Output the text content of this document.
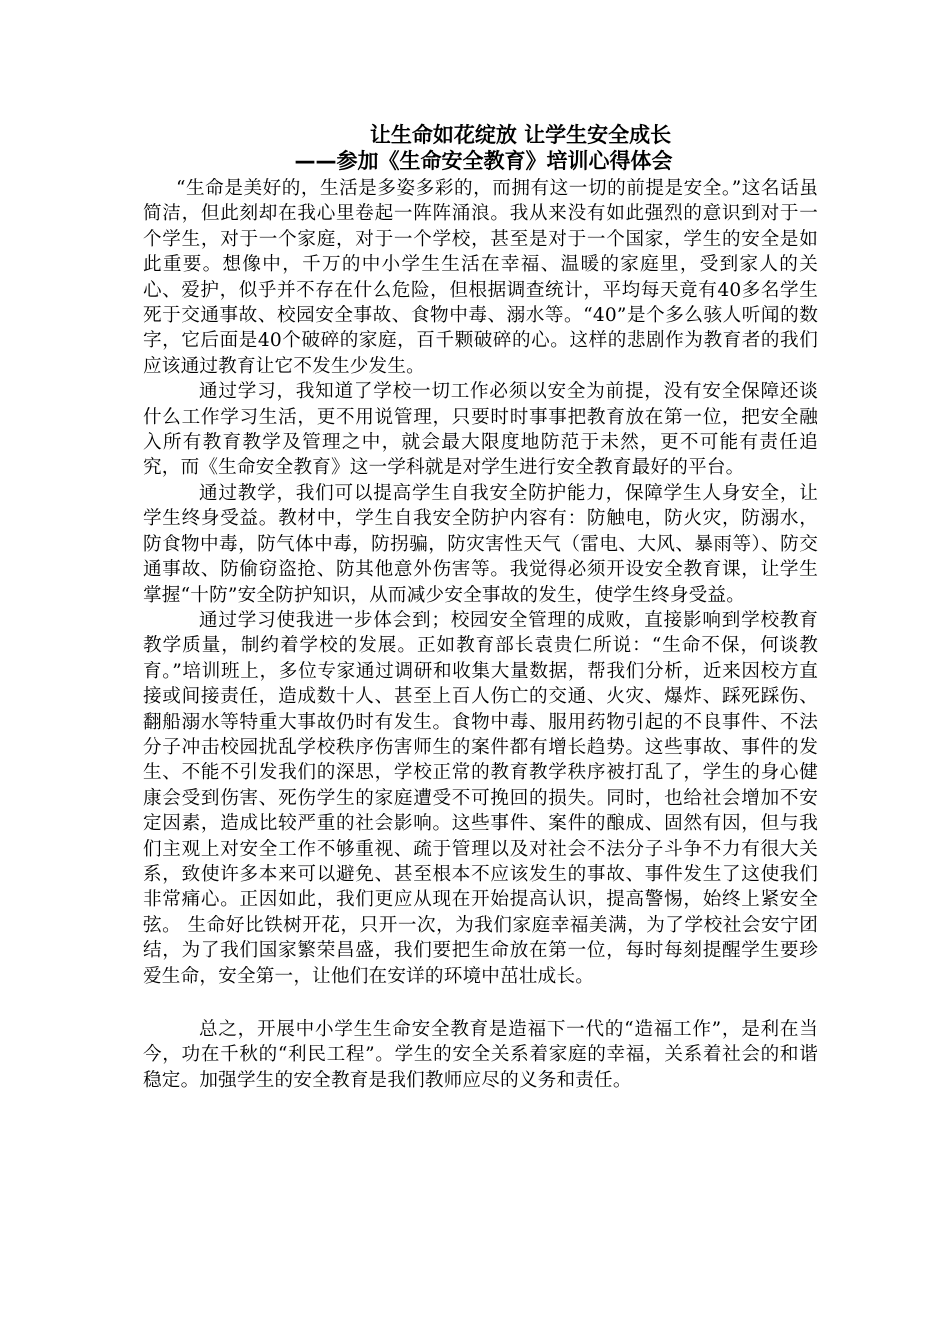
让生命如花绽放 让学生安全成长
——参加《生命安全教育》培训心得体会

“生命是美好的，生活是多姿多彩的，而拥有这一切的前提是安全。”这名话虽简洁，但此刻却在我心里卷起一阵阵涌浪。我从来没有如此强烈的意识到对于一个学生，对于一个家庭，对于一个学校，甚至是对于一个国家，学生的安全是如此重要。想像中，千万的中小学生生活在幸福、温暖的家庭里，受到家人的关心、爱护，似乎并不存在什么危险，但根据调查统计，平均每天竟有40多名学生死于交通事故、校园安全事故、食物中毒、溺水等。“40”是个多么骇人听闻的数字，它后面是40个破碎的家庭，百千颗破碎的心。这样的悲剧作为教育者的我们应该通过教育让它不发生少发生。

通过学习，我知道了学校一切工作必须以安全为前提，没有安全保障还谈什么工作学习生活，更不用说管理，只要时时事事把教育放在第一位，把安全融入所有教育教学及管理之中，就会最大限度地防范于未然，更不可能有责任追究，而《生命安全教育》这一学科就是对学生进行安全教育最好的平台。

通过教学，我们可以提高学生自我安全防护能力，保障学生人身安全，让学生终身受益。教材中，学生自我安全防护内容有：防触电，防火灾，防溺水，防食物中毒，防气体中毒，防拐骗，防灾害性天气（雷电、大风、暴雨等）、防交通事故、防偷窃盗抢、防其他意外伤害等。我觉得必须开设安全教育课，让学生掌握“十防”安全防护知识，从而减少安全事故的发生，使学生终身受益。

通过学习使我进一步体会到；校园安全管理的成败，直接影响到学校教育教学质量，制约着学校的发展。正如教育部长袁贵仁所说：“生命不保，何谈教育。”培训班上，多位专家通过调研和收集大量数据，帮我们分析，近来因校方直接或间接责任，造成数十人、甚至上百人伤亡的交通、火灾、爆炸、踩死踩伤、翻船溺水等特重大事故仍时有发生。食物中毒、服用药物引起的不良事件、不法分子冲击校园扰乱学校秩序伤害师生的案件都有增长趋势。这些事故、事件的发生、不能不引发我们的深思，学校正常的教育教学秩序被打乱了，学生的身心健康会受到伤害、死伤学生的家庭遭受不可挽回的损失。同时，也给社会增加不安定因素，造成比较严重的社会影响。这些事件、案件的酿成、固然有因，但与我们主观上对安全工作不够重视、疏于管理以及对社会不法分子斗争不力有很大关系，致使许多本来可以避免、甚至根本不应该发生的事故、事件发生了这使我们非常痛心。正因如此，我们更应从现在开始提高认识，提高警惕，始终上紧安全弦。 生命好比铁树开花，只开一次，为我们家庭幸福美满，为了学校社会安宁团结，为了我们国家繁荣昌盛，我们要把生命放在第一位，每时每刻提醒学生要珍爱生命，安全第一，让他们在安详的环境中茁壮成长。

总之，开展中小学生生命安全教育是造福下一代的“造福工作”，是利在当今，功在千秋的“利民工程”。学生的安全关系着家庭的幸福，关系着社会的和谐稳定。加强学生的安全教育是我们教师应尽的义务和责任。
